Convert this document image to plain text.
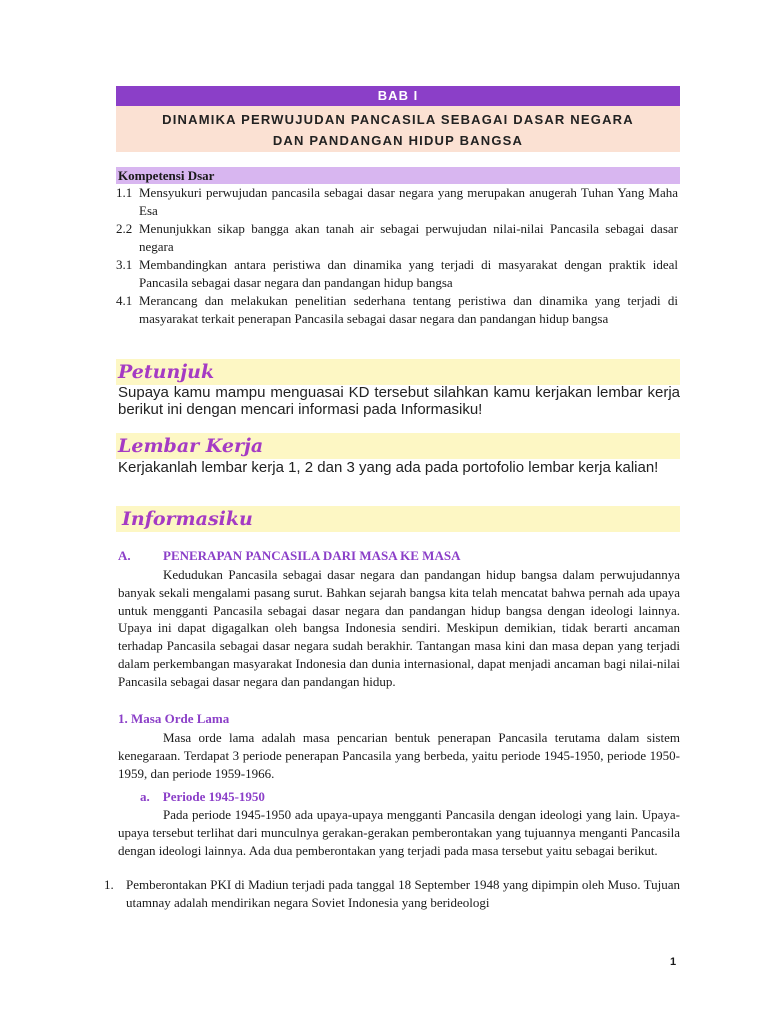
BAB I
DINAMIKA PERWUJUDAN PANCASILA SEBAGAI DASAR NEGARA
DAN PANDANGAN HIDUP BANGSA
Kompetensi Dsar
1.1 Mensyukuri perwujudan pancasila sebagai dasar negara yang merupakan anugerah Tuhan Yang Maha Esa
2.2 Menunjukkan sikap bangga akan tanah air sebagai perwujudan nilai-nilai Pancasila sebagai dasar negara
3.1 Membandingkan antara peristiwa dan dinamika yang terjadi di masyarakat dengan praktik ideal Pancasila sebagai dasar negara dan pandangan hidup bangsa
4.1 Merancang dan melakukan penelitian sederhana tentang peristiwa dan dinamika yang terjadi di masyarakat terkait penerapan Pancasila sebagai dasar negara dan pandangan hidup bangsa
Petunjuk
Supaya kamu mampu menguasai KD tersebut silahkan kamu kerjakan lembar kerja berikut ini dengan mencari informasi pada Informasiku!
Lembar Kerja
Kerjakanlah lembar kerja 1, 2 dan 3 yang ada pada portofolio lembar kerja kalian!
Informasiku
A. PENERAPAN PANCASILA DARI MASA KE MASA
Kedudukan Pancasila sebagai dasar negara dan pandangan hidup bangsa dalam perwujudannya banyak sekali mengalami pasang surut. Bahkan sejarah bangsa kita telah mencatat bahwa pernah ada upaya untuk mengganti Pancasila sebagai dasar negara dan pandangan hidup bangsa dengan ideologi lainnya. Upaya ini dapat digagalkan oleh bangsa Indonesia sendiri. Meskipun demikian, tidak berarti ancaman terhadap Pancasila sebagai dasar negara sudah berakhir. Tantangan masa kini dan masa depan yang terjadi dalam perkembangan masyarakat Indonesia dan dunia internasional, dapat menjadi ancaman bagi nilai-nilai Pancasila sebagai dasar negara dan pandangan hidup.
1. Masa Orde Lama
Masa orde lama adalah masa pencarian bentuk penerapan Pancasila terutama dalam sistem kenegaraan. Terdapat 3 periode penerapan Pancasila yang berbeda, yaitu periode 1945-1950, periode 1950-1959, dan periode 1959-1966.
a.    Periode 1945-1950
Pada periode 1945-1950 ada upaya-upaya mengganti Pancasila dengan ideologi yang lain. Upaya-upaya tersebut terlihat dari munculnya gerakan-gerakan pemberontakan yang tujuannya menganti Pancasila dengan ideologi lainnya. Ada dua pemberontakan yang terjadi pada masa tersebut yaitu sebagai berikut.
1. Pemberontakan PKI di Madiun terjadi pada tanggal 18 September 1948 yang dipimpin oleh Muso. Tujuan utamnay adalah mendirikan negara Soviet Indonesia yang berideologi
1
